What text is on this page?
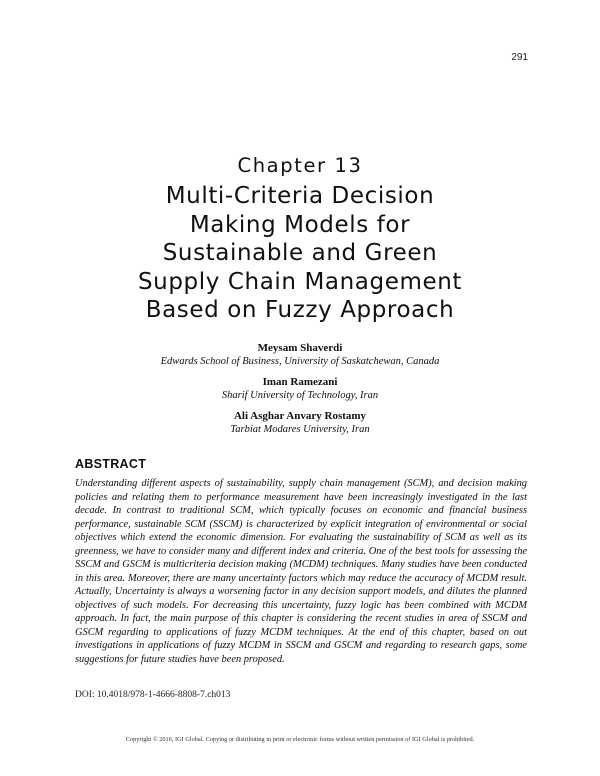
291
Chapter 13
Multi-Criteria Decision
Making Models for
Sustainable and Green
Supply Chain Management
Based on Fuzzy Approach
Meysam Shaverdi
Edwards School of Business, University of Saskatchewan, Canada
Iman Ramezani
Sharif University of Technology, Iran
Ali Asghar Anvary Rostamy
Tarbiat Modares University, Iran
ABSTRACT

Understanding different aspects of sustainability, supply chain management (SCM), and decision making policies and relating them to performance measurement have been increasingly investigated in the last decade. In contrast to traditional SCM, which typically focuses on economic and financial business performance, sustainable SCM (SSCM) is characterized by explicit integration of environmental or social objectives which extend the economic dimension. For evaluating the sustainability of SCM as well as its greenness, we have to consider many and different index and criteria. One of the best tools for assessing the SSCM and GSCM is multicriteria decision making (MCDM) techniques. Many studies have been conducted in this area. Moreover, there are many uncertainty factors which may reduce the accuracy of MCDM result. Actually, Uncertainty is always a worsening factor in any decision support models, and dilutes the planned objectives of such models. For decreasing this uncertainty, fuzzy logic has been combined with MCDM approach. In fact, the main purpose of this chapter is considering the recent studies in area of SSCM and GSCM regarding to applications of fuzzy MCDM techniques. At the end of this chapter, based on out investigations in applications of fuzzy MCDM in SSCM and GSCM and regarding to research gaps, some suggestions for future studies have been proposed.

DOI: 10.4018/978-1-4666-8808-7.ch013
Copyright © 2016, IGI Global. Copying or distributing in print or electronic forms without written permission of IGI Global is prohibited.
